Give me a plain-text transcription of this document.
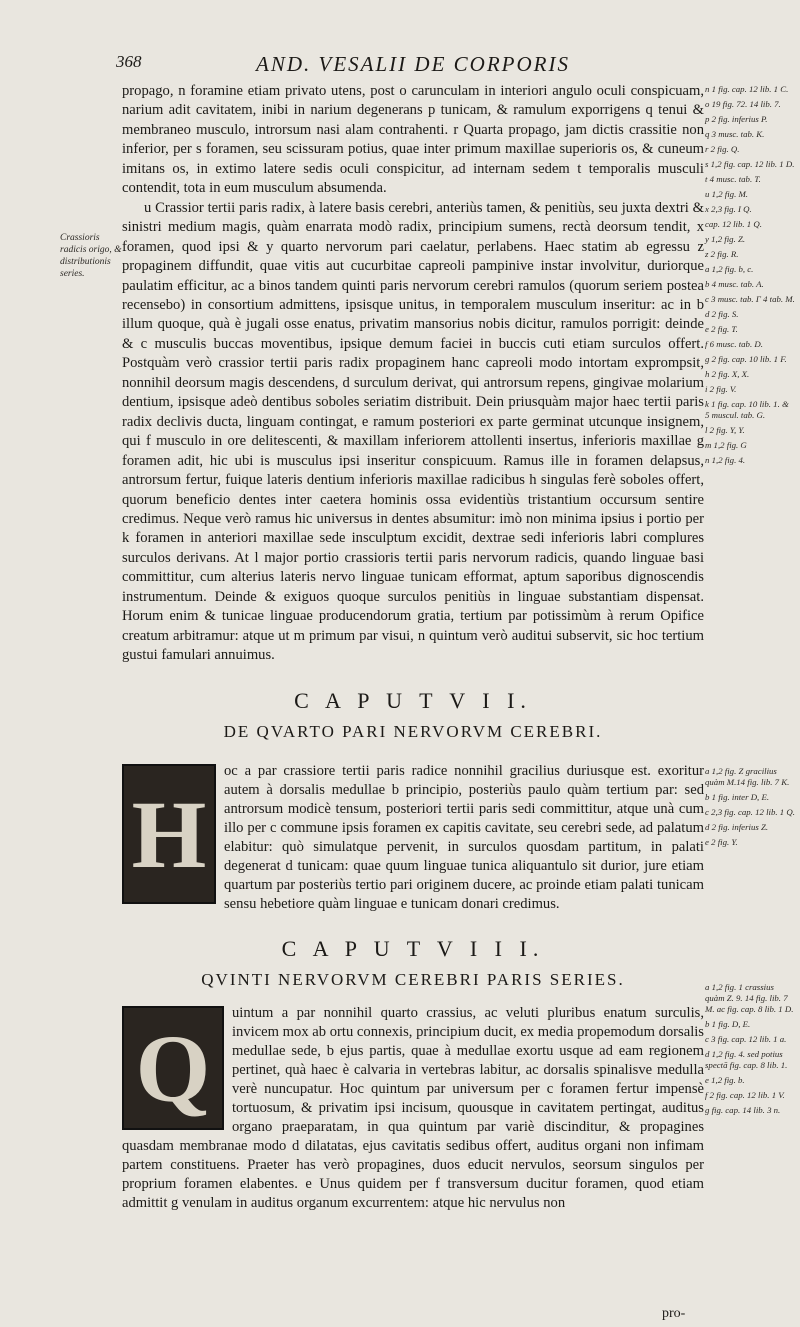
368	AND. VESALII DE CORPORIS
Crassioris radicis origo, & distributionis series.

propago, n foramine etiam privato utens, post o carunculam in interiori angulo oculi conspicuam, narium adit cavitatem, inibi in narium degenerans p tunicam, & ramulum exporrigens q tenui & membraneo musculo, introrsum nasi alam contrahenti. r Quarta propago, jam dictis crassitie non inferior, per s foramen, seu scissuram potius, quae inter primum maxillae superioris os, & cuneum imitans os, in extimo latere sedis oculi conspicitur, ad internam sedem t temporalis musculi contendit, tota in eum musculum absumenda.

u Crassior tertii paris radix, à latere basis cerebri, anteriùs tamen, & penitiùs, seu juxta dextri & sinistri medium magis, quàm enarrata modò radix, principium sumens, rectà deorsum tendit, x foramen, quod ipsi & y quarto nervorum pari caelatur, perlabens. Haec statim ab egressu z propaginem diffundit, quae vitis aut cucurbitae capreoli pampinive instar involvitur, duriorque paulatim efficitur, ac a binos tandem quinti paris nervorum cerebri ramulos (quorum seriem postea recensebo) in consortium admittens, ipsisque unitus, in temporalem musculum inseritur: ac in b illum quoque, quà è jugali osse enatus, privatim mansorius nobis dicitur, ramulos porrigit: deinde & c musculis buccas moventibus, ipsique demum faciei in buccis cuti etiam surculos offert. Postquàm verò crassior tertii paris radix propaginem hanc capreoli modo intortam exprompsit, nonnihil deorsum magis descendens, d surculum derivat, qui antrorsum repens, gingivae molarium dentium, ipsisque adeò dentibus soboles seriatim distribuit. Dein priusquàm major haec tertii paris radix declivis ducta, linguam contingat, e ramum posteriori ex parte germinat utcunque insignem, qui f musculo in ore delitescenti, & maxillam inferiorem attollenti insertus, inferioris maxillae g foramen adit, hic ubi is musculus ipsi inseritur conspicuum. Ramus ille in foramen delapsus, antrorsum fertur, fuique lateris dentium inferioris maxillae radicibus h singulas ferè soboles offert, quorum beneficio dentes inter caetera hominis ossa evidentiùs tristantium occursum sentire credimus. Neque verò ramus hic universus in dentes absumitur: imò non minima ipsius i portio per k foramen in anteriori maxillae sede insculptum excidit, dextrae sedi inferioris labri complures surculos derivans. At l major portio crassioris tertii paris nervorum radicis, quando linguae basi committitur, cum alterius lateris nervo linguae tunicam efformat, aptum saporibus dignoscendis instrumentum. Deinde & exiguos quoque surculos penitiùs in linguae substantiam dispensat. Horum enim & tunicae linguae producendorum gratia, tertium par potissimùm à rerum Opifice creatum arbitramur: atque ut m primum par visui, n quintum verò auditui subservit, sic hoc tertium gustui famulari annuimus.

n 1 fig. cap. 12 lib. 1 C.
o 19 fig. 72. 14 lib. 7.
p 2 fig. inferius P.
q 3 musc. tab. K.
r 2 fig. Q.
s 1,2 fig. cap. 12 lib. 1 D.
t 4 musc. tab. T.
u 1,2 fig. M.
x 2,3 fig. I Q.
cap. 12 lib. 1 Q.
y 1,2 fig. Z.
z 2 fig. R.
a 1,2 fig. b, c.
b 4 musc. tab. A.
c 3 musc. tab. Γ 4 tab. M.
d 2 fig. S.
e 2 fig. T.
f 6 musc. tab. D.
g 2 fig. cap. 10 lib. 1 F.
h 2 fig. X, X.
i 2 fig. V.
k 1 fig. cap. 10 lib. 1. & 5 muscul. tab. G.
l 2 fig. Y, Y.
m 1,2 fig. G
n 1,2 fig. 4.
C A P U T V I I.
DE QVARTO PARI NERVORVM CEREBRI.
H
oc a par crassiore tertii paris radice nonnihil gracilius duriusque est. exoritur autem à dorsalis medullae b principio, posteriùs paulo quàm tertium par: sed antrorsum modicè tensum, posteriori tertii paris sedi committitur, atque unà cum illo per c commune ipsis foramen ex capitis cavitate, seu cerebri sede, ad palatum elabitur: quò simulatque pervenit, in surculos quosdam partitum, in palati degenerat d tunicam: quae quum linguae tunica aliquantulo sit durior, jure etiam quartum par posteriùs tertio pari originem ducere, ac proinde etiam palati tunicam sensu hebetiore quàm linguae e tunicam donari credimus.
a 1,2 fig. Z gracilius quàm M.14 fig. lib. 7 K.
b 1 fig. inter D, E.
c 2,3 fig. cap. 12 lib. 1 Q.
d 2 fig. inferius Z.
e 2 fig. Y.
C A P U T V I I I.
QVINTI NERVORVM CEREBRI PARIS SERIES.
Q
uintum a par nonnihil quarto crassius, ac veluti pluribus enatum surculis, invicem mox ab ortu connexis, principium ducit, ex media propemodum dorsalis medullae sede, b ejus partis, quae à medullae exortu usque ad eam regionem pertinet, quà haec è calvaria in vertebras labitur, ac dorsalis spinalisve medulla verè nuncupatur. Hoc quintum par universum per c foramen fertur impensè tortuosum, & privatim ipsi incisum, quousque in cavitatem pertingat, auditus organo praeparatam, in qua quintum par variè discinditur, & propagines quasdam membranae modo d dilatatas, ejus cavitatis sedibus offert, auditus organi non infimam partem constituens. Praeter has verò propagines, duos educit nervulos, seorsum singulos per proprium foramen elabentes. e Unus quidem per f transversum ducitur foramen, quod etiam admittit g venulam in auditus organum excurrentem: atque hic nervulus non
a 1,2 fig. 1 crassius quàm Z. 9. 14 fig. lib. 7 M. ac fig. cap. 8 lib. 1 D.
b 1 fig. D, E.
c 3 fig. cap. 12 lib. 1 a.
d 1,2 fig. 4. sed potius spectā fig. cap. 8 lib. 1.
e 1,2 fig. b.
f 2 fig. cap. 12 lib. 1 V.
g fig. cap. 14 lib. 3 n.
pro-
